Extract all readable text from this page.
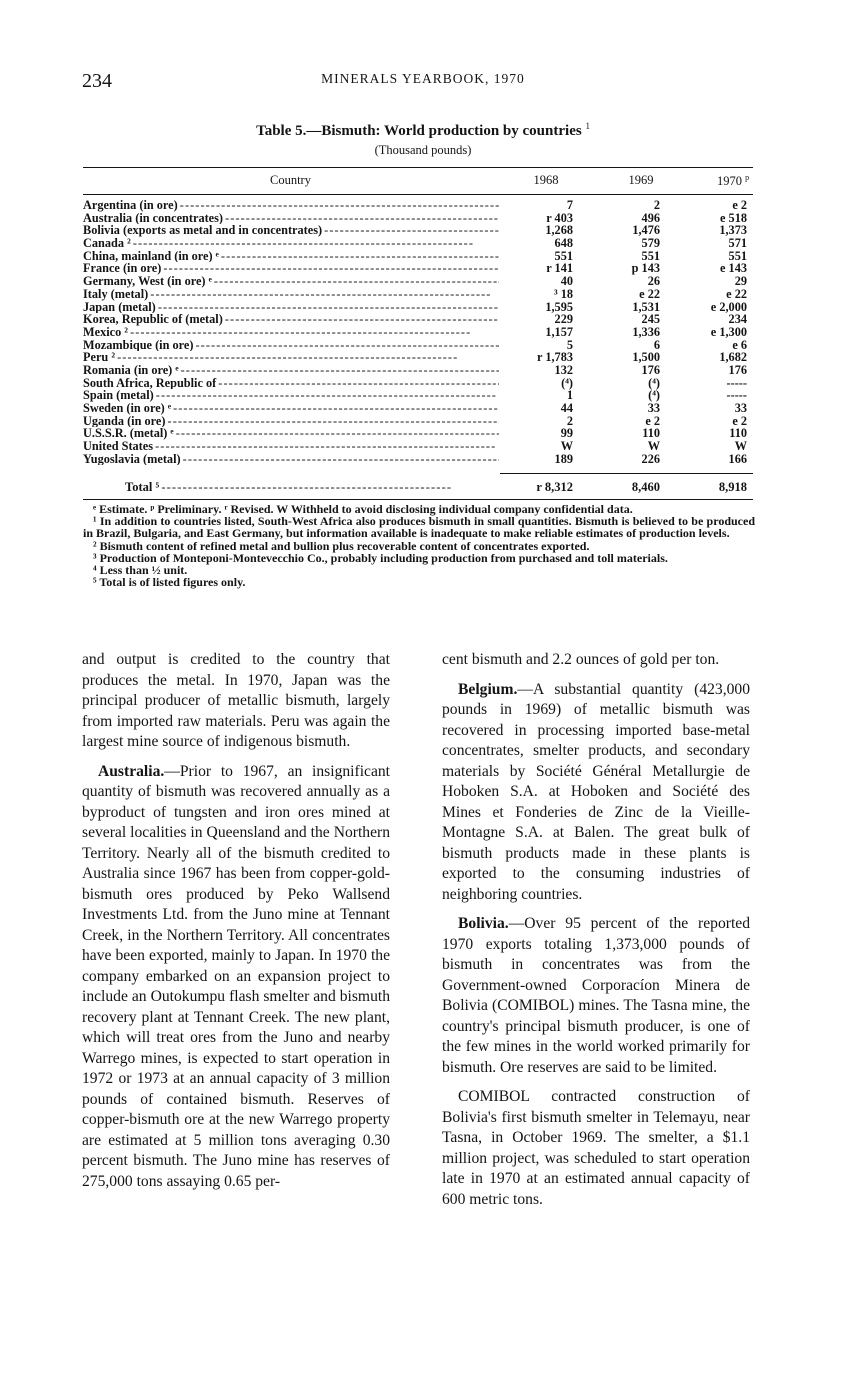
234	MINERALS YEARBOOK, 1970
Table 5.—Bismuth: World production by countries $^1$
(Thousand pounds)
Country	1968	1969	1970 $^p$
Argentina (in ore) - - -	7	2	e 2
Australia (in concentrates) - - -	r 403	496	e 518
Bolivia (exports as metal and in concentrates) - - -	1,268	1,476	1,373
Canada ² - - -	648	579	571
China, mainland (in ore) ᵉ - - -	551	551	551
France (in ore) - - -	r 141	p 143	e 143
Germany, West (in ore) ᵉ - - -	40	26	29
Italy (metal) - - -	³ 18	e 22	e 22
Japan (metal) - - -	1,595	1,531	e 2,000
Korea, Republic of (metal) - - -	229	245	234
Mexico ² - - -	1,157	1,336	e 1,300
Mozambique (in ore) - - -	5	6	e 6
Peru ² - - -	r 1,783	1,500	1,682
Romania (in ore) ᵉ - - -	132	176	176
South Africa, Republic of - - -	(⁴)	(⁴)	-----
Spain (metal) - - -	1	(⁴)	-----
Sweden (in ore) ᵉ - - -	44	33	33
Uganda (in ore) - - -	2	e 2	e 2
U.S.S.R. (metal) ᵉ - - -	99	110	110
United States - - -	W	W	W
Yugoslavia (metal) - - -	189	226	166
Total ⁵ - - -	r 8,312	8,460	8,918

ᵉ Estimate. ᵖ Preliminary. ʳ Revised. W Withheld to avoid disclosing individual company confidential data.

¹ In addition to countries listed, South-West Africa also produces bismuth in small quantities. Bismuth is believed to be produced in Brazil, Bulgaria, and East Germany, but information available is inadequate to make reliable estimates of production levels.

² Bismuth content of refined metal and bullion plus recoverable content of concentrates exported.

³ Production of Monteponi-Montevecchio Co., probably including production from purchased and toll materials.

⁴ Less than ½ unit.

⁵ Total is of listed figures only.

and output is credited to the country that produces the metal. In 1970, Japan was the principal producer of metallic bismuth, largely from imported raw materials. Peru was again the largest mine source of indigenous bismuth.

Australia.—Prior to 1967, an insignificant quantity of bismuth was recovered annually as a byproduct of tungsten and iron ores mined at several localities in Queensland and the Northern Territory. Nearly all of the bismuth credited to Australia since 1967 has been from copper-gold-bismuth ores produced by Peko Wallsend Investments Ltd. from the Juno mine at Tennant Creek, in the Northern Territory. All concentrates have been exported, mainly to Japan. In 1970 the company embarked on an expansion project to include an Outokumpu flash smelter and bismuth recovery plant at Tennant Creek. The new plant, which will treat ores from the Juno and nearby Warrego mines, is expected to start operation in 1972 or 1973 at an annual capacity of 3 million pounds of contained bismuth. Reserves of copper-bismuth ore at the new Warrego property are estimated at 5 million tons averaging 0.30 percent bismuth. The Juno mine has reserves of 275,000 tons assaying 0.65 per-

cent bismuth and 2.2 ounces of gold per ton.

Belgium.—A substantial quantity (423,000 pounds in 1969) of metallic bismuth was recovered in processing imported base-metal concentrates, smelter products, and secondary materials by Société Général Metallurgie de Hoboken S.A. at Hoboken and Société des Mines et Fonderies de Zinc de la Vieille-Montagne S.A. at Balen. The great bulk of bismuth products made in these plants is exported to the consuming industries of neighboring countries.

Bolivia.—Over 95 percent of the reported 1970 exports totaling 1,373,000 pounds of bismuth in concentrates was from the Government-owned Corporacíon Minera de Bolivia (COMIBOL) mines. The Tasna mine, the country's principal bismuth producer, is one of the few mines in the world worked primarily for bismuth. Ore reserves are said to be limited.

COMIBOL contracted construction of Bolivia's first bismuth smelter in Telemayu, near Tasna, in October 1969. The smelter, a $1.1 million project, was scheduled to start operation late in 1970 at an estimated annual capacity of 600 metric tons.
